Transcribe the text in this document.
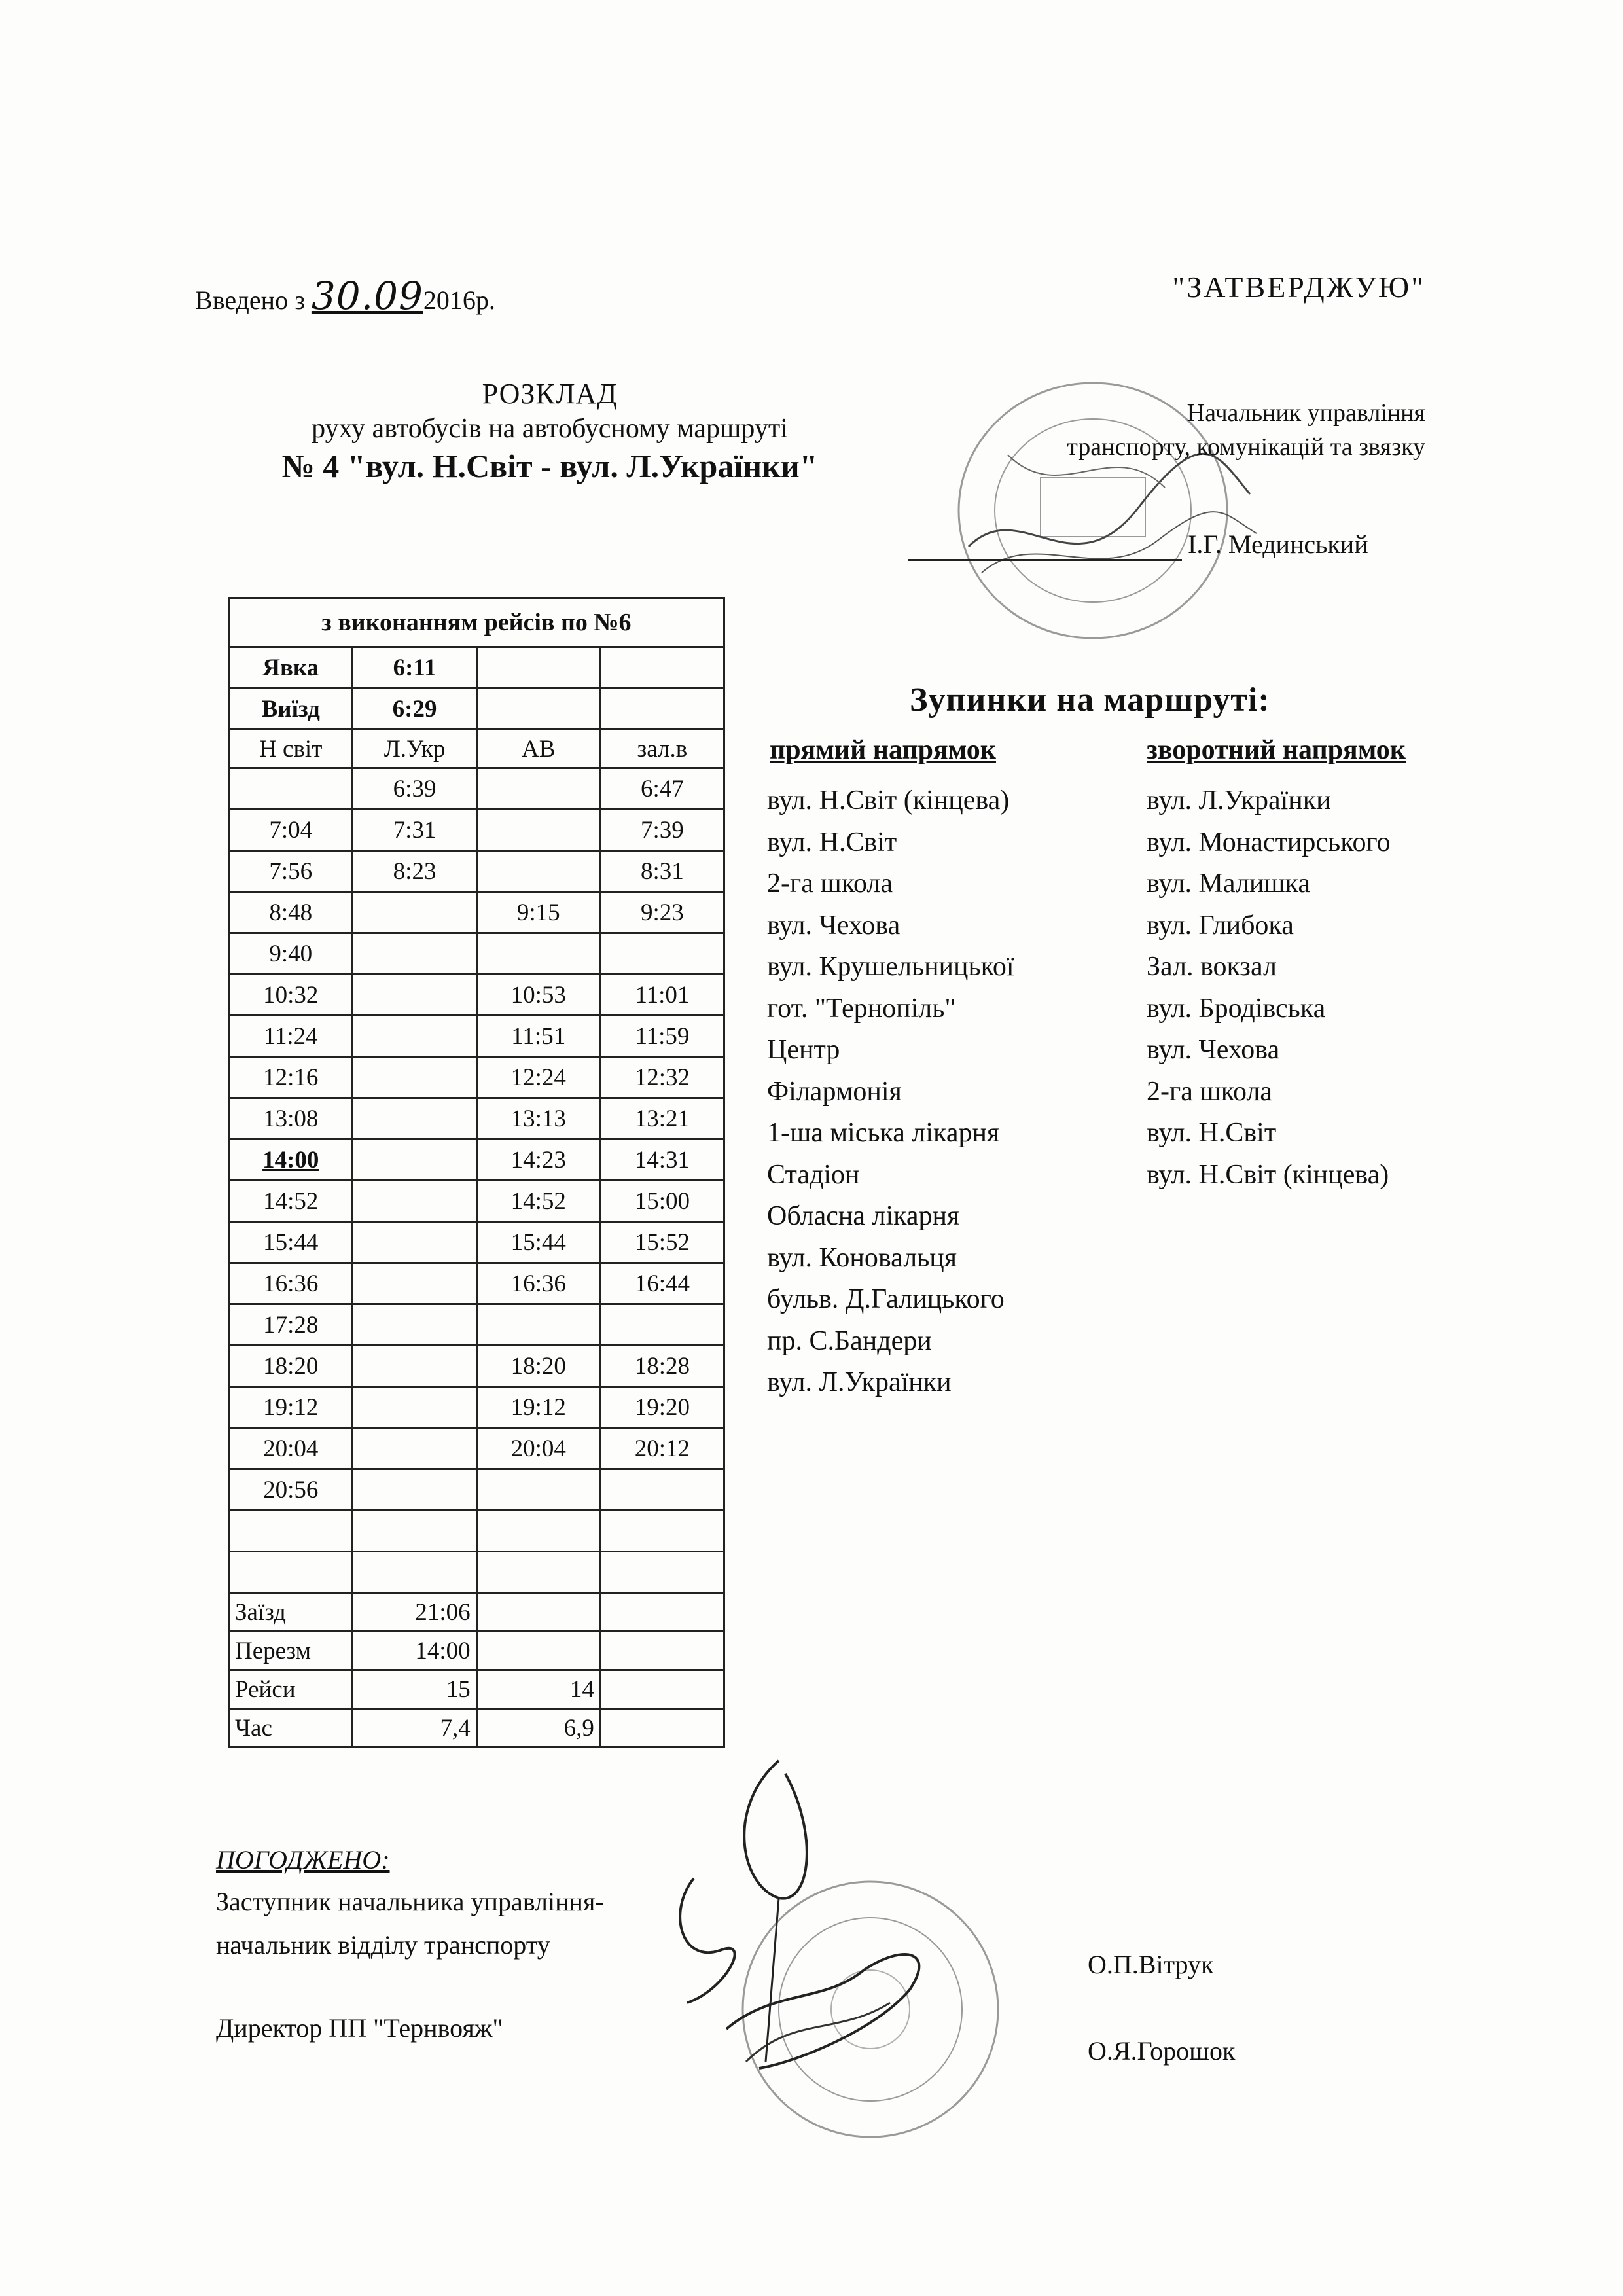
Введено з 30.092016р.	"ЗАТВЕРДЖУЮ"
РОЗКЛАД
руху автобусів на автобусному маршруті
№ 4 "вул. Н.Світ - вул. Л.Українки"
Начальник управління
транспорту, комунікацій та звязку
І.Г. Мединський
з виконанням рейсів по №6			
Явка	6:11		
Виїзд	6:29		
Н світ	Л.Укр	АВ	зал.в
	6:39		6:47
7:04	7:31		7:39
7:56	8:23		8:31
8:48		9:15	9:23
9:40			
10:32		10:53	11:01
11:24		11:51	11:59
12:16		12:24	12:32
13:08		13:13	13:21
14:00		14:23	14:31
14:52		14:52	15:00
15:44		15:44	15:52
16:36		16:36	16:44
17:28			
18:20		18:20	18:28
19:12		19:12	19:20
20:04		20:04	20:12
20:56			

Заїзд	21:06		
Перезм	14:00		
Рейси	15	14	
Час	7,4	6,9	
Зупинки на маршруті:
прямий напрямок	зворотний напрямок
вул. Н.Світ (кінцева)
вул. Н.Світ
2-га школа
вул. Чехова
вул. Крушельницької
гот. "Тернопіль"
Центр
Філармонія
1-ша міська лікарня
Стадіон
Обласна лікарня
вул. Коновальця
бульв. Д.Галицького
пр. С.Бандери
вул. Л.Українки
вул. Л.Українки
вул. Монастирського
вул. Малишка
вул. Глибока
Зал. вокзал
вул. Бродівська
вул. Чехова
2-га школа
вул. Н.Світ
вул. Н.Світ (кінцева)
ПОГОДЖЕНО:
Заступник начальника управління-
начальник відділу транспорту
О.П.Вітрук
Директор ПП "Тернвояж"
О.Я.Горошок
